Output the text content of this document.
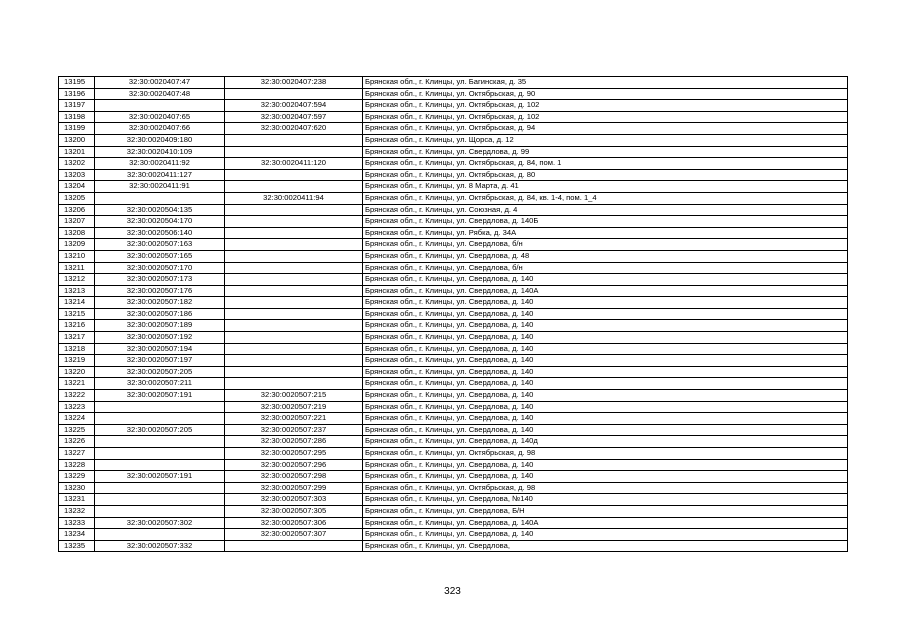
13195	32:30:0020407:47	32:30:0020407:238	Брянская обл., г. Клинцы, ул. Багинская, д. 35
13196	32:30:0020407:48		Брянская обл., г. Клинцы, ул. Октябрьская, д. 90
13197		32:30:0020407:594	Брянская обл., г. Клинцы, ул. Октябрьская, д. 102
13198	32:30:0020407:65	32:30:0020407:597	Брянская обл., г. Клинцы, ул. Октябрьская, д. 102
13199	32:30:0020407:66	32:30:0020407:620	Брянская обл., г. Клинцы, ул. Октябрьская, д. 94
13200	32:30:0020409:180		Брянская обл., г. Клинцы, ул. Щорса, д. 12
13201	32:30:0020410:109		Брянская обл., г. Клинцы, ул. Свердлова, д. 99
13202	32:30:0020411:92	32:30:0020411:120	Брянская обл., г. Клинцы, ул. Октябрьская, д. 84, пом. 1
13203	32:30:0020411:127		Брянская обл., г. Клинцы, ул. Октябрьская, д. 80
13204	32:30:0020411:91		Брянская обл., г. Клинцы, ул. 8 Марта, д. 41
13205		32:30:0020411:94	Брянская обл., г. Клинцы, ул. Октябрьская, д. 84, кв. 1-4, пом. 1_4
13206	32:30:0020504:135		Брянская обл., г. Клинцы, ул. Союзная, д. 4
13207	32:30:0020504:170		Брянская обл., г. Клинцы, ул. Свердлова, д. 140Б
13208	32:30:0020506:140		Брянская обл., г. Клинцы, ул. Рябка, д. 34А
13209	32:30:0020507:163		Брянская обл., г. Клинцы, ул. Свердлова, б/н
13210	32:30:0020507:165		Брянская обл., г. Клинцы, ул. Свердлова, д. 48
13211	32:30:0020507:170		Брянская обл., г. Клинцы, ул. Свердлова, б/н
13212	32:30:0020507:173		Брянская обл., г. Клинцы, ул. Свердлова, д. 140
13213	32:30:0020507:176		Брянская обл., г. Клинцы, ул. Свердлова, д. 140А
13214	32:30:0020507:182		Брянская обл., г. Клинцы, ул. Свердлова, д. 140
13215	32:30:0020507:186		Брянская обл., г. Клинцы, ул. Свердлова, д. 140
13216	32:30:0020507:189		Брянская обл., г. Клинцы, ул. Свердлова, д. 140
13217	32:30:0020507:192		Брянская обл., г. Клинцы, ул. Свердлова, д. 140
13218	32:30:0020507:194		Брянская обл., г. Клинцы, ул. Свердлова, д. 140
13219	32:30:0020507:197		Брянская обл., г. Клинцы, ул. Свердлова, д. 140
13220	32:30:0020507:205		Брянская обл., г. Клинцы, ул. Свердлова, д. 140
13221	32:30:0020507:211		Брянская обл., г. Клинцы, ул. Свердлова, д. 140
13222	32:30:0020507:191	32:30:0020507:215	Брянская обл., г. Клинцы, ул. Свердлова, д. 140
13223		32:30:0020507:219	Брянская обл., г. Клинцы, ул. Свердлова, д. 140
13224		32:30:0020507:221	Брянская обл., г. Клинцы, ул. Свердлова, д. 140
13225	32:30:0020507:205	32:30:0020507:237	Брянская обл., г. Клинцы, ул. Свердлова, д. 140
13226		32:30:0020507:286	Брянская обл., г. Клинцы, ул. Свердлова, д. 140д
13227		32:30:0020507:295	Брянская обл., г. Клинцы, ул. Октябрьская, д. 98
13228		32:30:0020507:296	Брянская обл., г. Клинцы, ул. Свердлова, д. 140
13229	32:30:0020507:191	32:30:0020507:298	Брянская обл., г. Клинцы, ул. Свердлова, д. 140
13230		32:30:0020507:299	Брянская обл., г. Клинцы, ул. Октябрьская, д. 98
13231		32:30:0020507:303	Брянская обл., г. Клинцы, ул. Свердлова, №140
13232		32:30:0020507:305	Брянская обл., г. Клинцы, ул. Свердлова, Б/Н
13233	32:30:0020507:302	32:30:0020507:306	Брянская обл., г. Клинцы, ул. Свердлова, д. 140А
13234		32:30:0020507:307	Брянская обл., г. Клинцы, ул. Свердлова, д. 140
13235	32:30:0020507:332		Брянская обл., г. Клинцы, ул. Свердлова,
323
